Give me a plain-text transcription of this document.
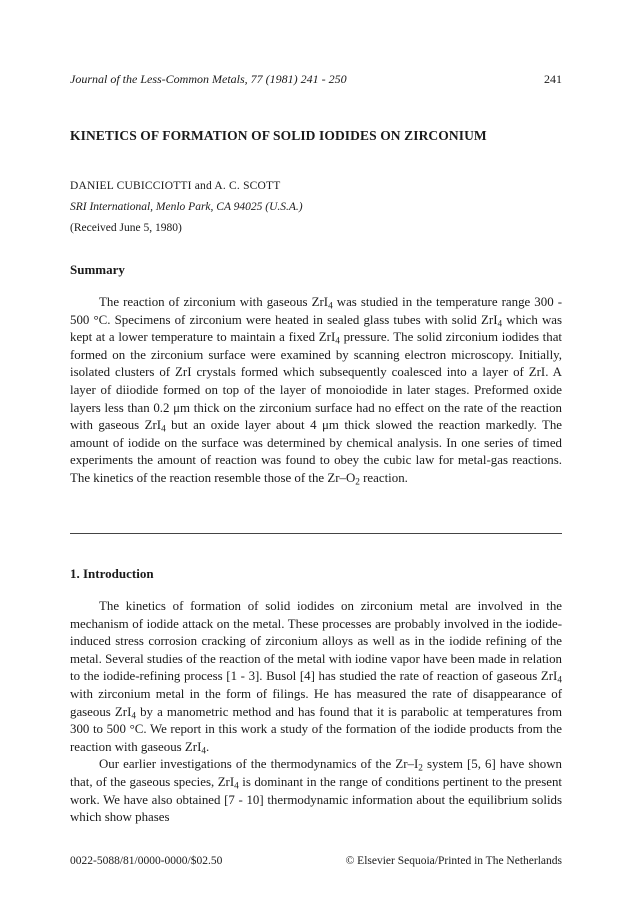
Journal of the Less-Common Metals, 77 (1981) 241 - 250	241
KINETICS OF FORMATION OF SOLID IODIDES ON ZIRCONIUM
DANIEL CUBICCIOTTI and A. C. SCOTT
SRI International, Menlo Park, CA 94025 (U.S.A.)
(Received June 5, 1980)
Summary

The reaction of zirconium with gaseous ZrI$_4$ was studied in the temperature range 300 - 500 °C. Specimens of zirconium were heated in sealed glass tubes with solid ZrI$_4$ which was kept at a lower temperature to maintain a fixed ZrI$_4$ pressure. The solid zirconium iodides that formed on the zirconium surface were examined by scanning electron microscopy. Initially, isolated clusters of ZrI crystals formed which subsequently coalesced into a layer of ZrI. A layer of diiodide formed on top of the layer of monoiodide in later stages. Preformed oxide layers less than 0.2 μm thick on the zirconium surface had no effect on the rate of the reaction with gaseous ZrI$_4$ but an oxide layer about 4 μm thick slowed the reaction markedly. The amount of iodide on the surface was determined by chemical analysis. In one series of timed experiments the amount of reaction was found to obey the cubic law for metal-gas reactions. The kinetics of the reaction resemble those of the $Zr-O_2$ reaction.

1. Introduction

The kinetics of formation of solid iodides on zirconium metal are involved in the mechanism of iodide attack on the metal. These processes are probably involved in the iodide-induced stress corrosion cracking of zirconium alloys as well as in the iodide refining of the metal. Several studies of the reaction of the metal with iodine vapor have been made in relation to the iodide-refining process [1 - 3]. Busol [4] has studied the rate of reaction of gaseous ZrI$_4$ with zirconium metal in the form of filings. He has measured the rate of disappearance of gaseous ZrI$_4$ by a manometric method and has found that it is parabolic at temperatures from 300 to 500 °C. We report in this work a study of the formation of the iodide products from the reaction with gaseous ZrI$_4$.

Our earlier investigations of the thermodynamics of the $Zr-I_2$ system [5, 6] have shown that, of the gaseous species, ZrI$_4$ is dominant in the range of conditions pertinent to the present work. We have also obtained [7 - 10] thermodynamic information about the equilibrium solids which show phases

0022-5088/81/0000-0000/$02.50	© Elsevier Sequoia/Printed in The Netherlands
